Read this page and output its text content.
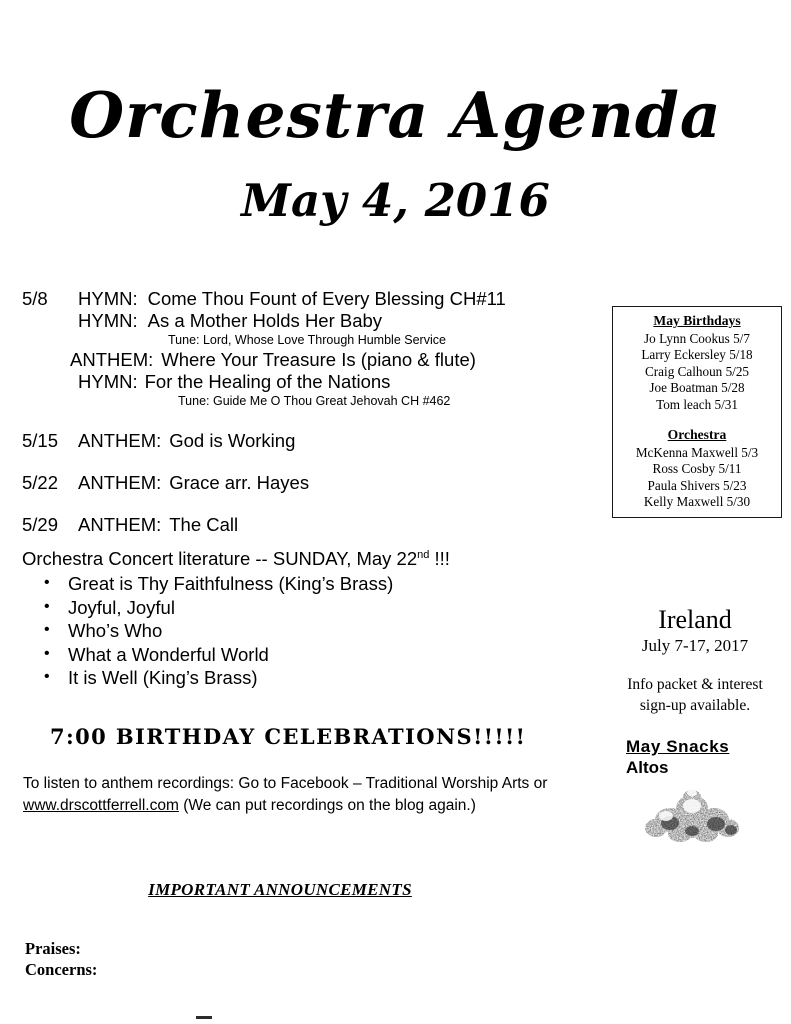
Orchestra Agenda
May 4, 2016
5/8	HYMN: Come Thou Fount of Every Blessing CH#11
HYMN: As a Mother Holds Her Baby
Tune: Lord, Whose Love Through Humble Service
ANTHEM: Where Your Treasure Is (piano & flute)
HYMN: For the Healing of the Nations
Tune: Guide Me O Thou Great Jehovah CH #462
5/15	ANTHEM: God is Working
5/22	ANTHEM: Grace arr. Hayes
5/29	ANTHEM: The Call
May Birthdays
Jo Lynn Cookus 5/7
Larry Eckersley 5/18
Craig Calhoun 5/25
Joe Boatman 5/28
Tom leach 5/31
Orchestra
McKenna Maxwell 5/3
Ross Cosby 5/11
Paula Shivers 5/23
Kelly Maxwell 5/30
Orchestra Concert literature -- SUNDAY, May 22nd !!!
• Great is Thy Faithfulness (King’s Brass)
• Joyful, Joyful
• Who’s Who
• What a Wonderful World
• It is Well (King’s Brass)
7:00 BIRTHDAY CELEBRATIONS!!!!!
To listen to anthem recordings: Go to Facebook – Traditional Worship Arts or
www.drscottferrell.com (We can put recordings on the blog again.)
Ireland
July 7-17, 2017
Info packet & interest
sign-up available.
May Snacks
Altos
IMPORTANT ANNOUNCEMENTS
Praises:
Concerns:
